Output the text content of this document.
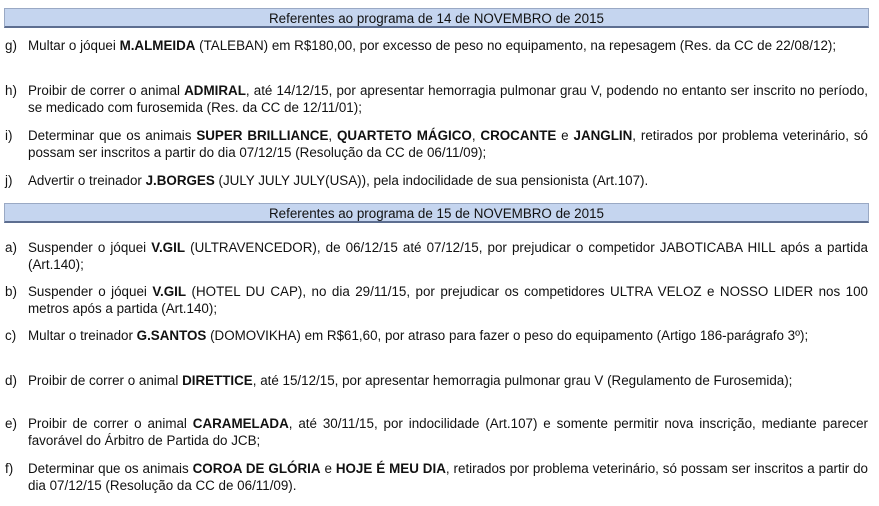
Referentes ao programa de 14 de NOVEMBRO de 2015
g) Multar o jóquei M.ALMEIDA (TALEBAN) em R$180,00, por excesso de peso no equipamento, na repesagem (Res. da CC de 22/08/12);
h) Proibir de correr o animal ADMIRAL, até 14/12/15, por apresentar hemorragia pulmonar grau V, podendo no entanto ser inscrito no período, se medicado com furosemida (Res. da CC de 12/11/01);
i) Determinar que os animais SUPER BRILLIANCE, QUARTETO MÁGICO, CROCANTE e JANGLIN, retirados por problema veterinário, só possam ser inscritos a partir do dia 07/12/15 (Resolução da CC de 06/11/09);
j) Advertir o treinador J.BORGES (JULY JULY JULY(USA)), pela indocilidade de sua pensionista (Art.107).
Referentes ao programa de 15 de NOVEMBRO de 2015
a) Suspender o jóquei V.GIL (ULTRAVENCEDOR), de 06/12/15 até 07/12/15, por prejudicar o competidor JABOTICABA HILL após a partida (Art.140);
b) Suspender o jóquei V.GIL (HOTEL DU CAP), no dia 29/11/15, por prejudicar os competidores ULTRA VELOZ e NOSSO LIDER nos 100 metros após a partida (Art.140);
c) Multar o treinador G.SANTOS (DOMOVIKHA) em R$61,60, por atraso para fazer o peso do equipamento (Artigo 186-parágrafo 3º);
d) Proibir de correr o animal DIRETTICE, até 15/12/15, por apresentar hemorragia pulmonar grau V (Regulamento de Furosemida);
e) Proibir de correr o animal CARAMELADA, até 30/11/15, por indocilidade (Art.107) e somente permitir nova inscrição, mediante parecer favorável do Árbitro de Partida do JCB;
f) Determinar que os animais COROA DE GLÓRIA e HOJE É MEU DIA, retirados por problema veterinário, só possam ser inscritos a partir do dia 07/12/15 (Resolução da CC de 06/11/09).
